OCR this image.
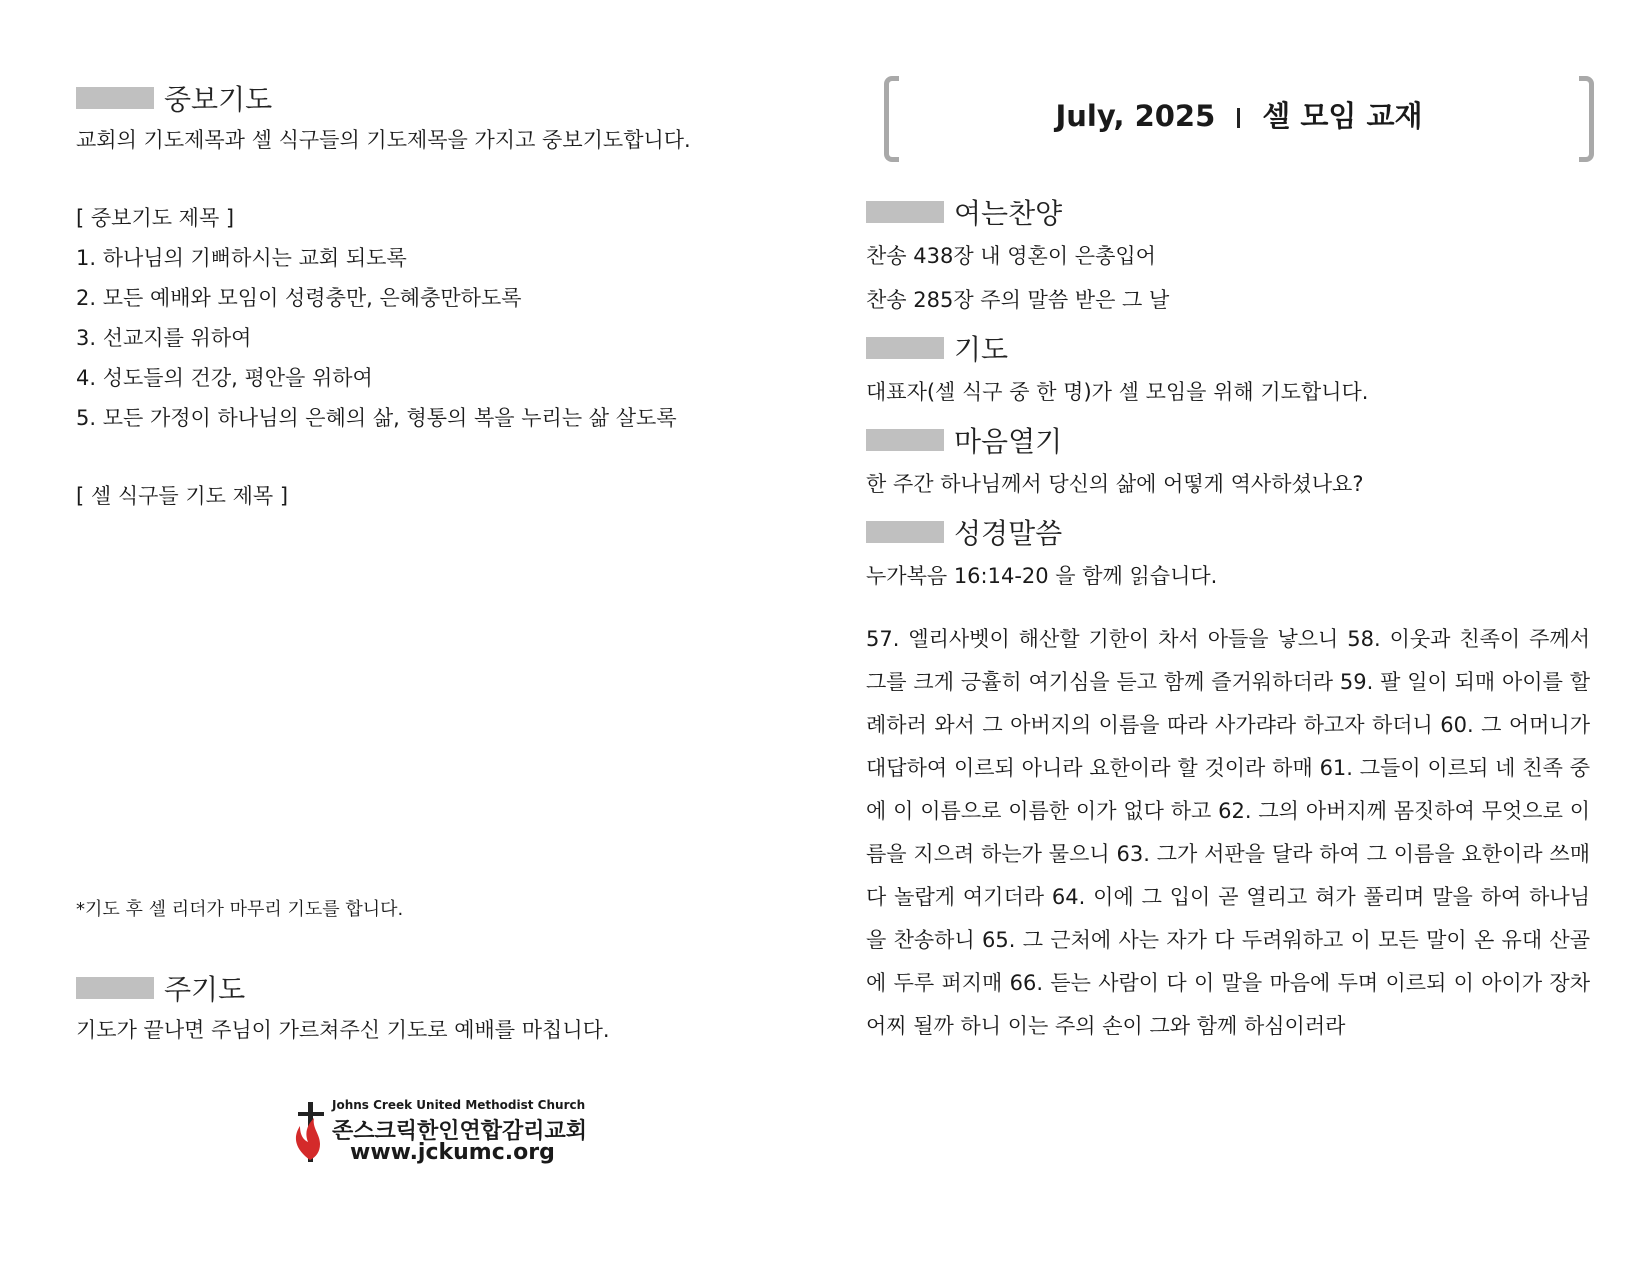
중보기도
교회의 기도제목과 셀 식구들의 기도제목을 가지고 중보기도합니다.
[ 중보기도 제목 ]
1. 하나님의 기뻐하시는 교회 되도록
2. 모든 예배와 모임이 성령충만, 은혜충만하도록
3. 선교지를 위하여
4. 성도들의 건강, 평안을 위하여
5. 모든 가정이 하나님의 은혜의 삶, 형통의 복을 누리는 삶 살도록
[ 셀 식구들 기도 제목 ]
*기도 후 셀 리더가 마무리 기도를 합니다.
주기도
기도가 끝나면 주님이 가르쳐주신 기도로 예배를 마칩니다.
Johns Creek United Methodist Church
존스크릭한인연합감리교회
www.jckumc.org
July, 2025 셀 모임 교재
여는찬양
찬송 438장 내 영혼이 은총입어
찬송 285장 주의 말씀 받은 그 날
기도
대표자(셀 식구 중 한 명)가 셀 모임을 위해 기도합니다.
마음열기
한 주간 하나님께서 당신의 삶에 어떻게 역사하셨나요?
성경말씀
누가복음 16:14-20 을 함께 읽습니다.
57. 엘리사벳이 해산할 기한이 차서 아들을 낳으니 58. 이웃과 친족이 주께서 그를 크게 긍휼히 여기심을 듣고 함께 즐거워하더라 59. 팔 일이 되매 아이를 할례하러 와서 그 아버지의 이름을 따라 사가랴라 하고자 하더니 60. 그 어머니가 대답하여 이르되 아니라 요한이라 할 것이라 하매 61. 그들이 이르되 네 친족 중에 이 이름으로 이름한 이가 없다 하고 62. 그의 아버지께 몸짓하여 무엇으로 이름을 지으려 하는가 물으니 63. 그가 서판을 달라 하여 그 이름을 요한이라 쓰매 다 놀랍게 여기더라 64. 이에 그 입이 곧 열리고 혀가 풀리며 말을 하여 하나님을 찬송하니 65. 그 근처에 사는 자가 다 두려워하고 이 모든 말이 온 유대 산골에 두루 퍼지매 66. 듣는 사람이 다 이 말을 마음에 두며 이르되 이 아이가 장차 어찌 될까 하니 이는 주의 손이 그와 함께 하심이러라
